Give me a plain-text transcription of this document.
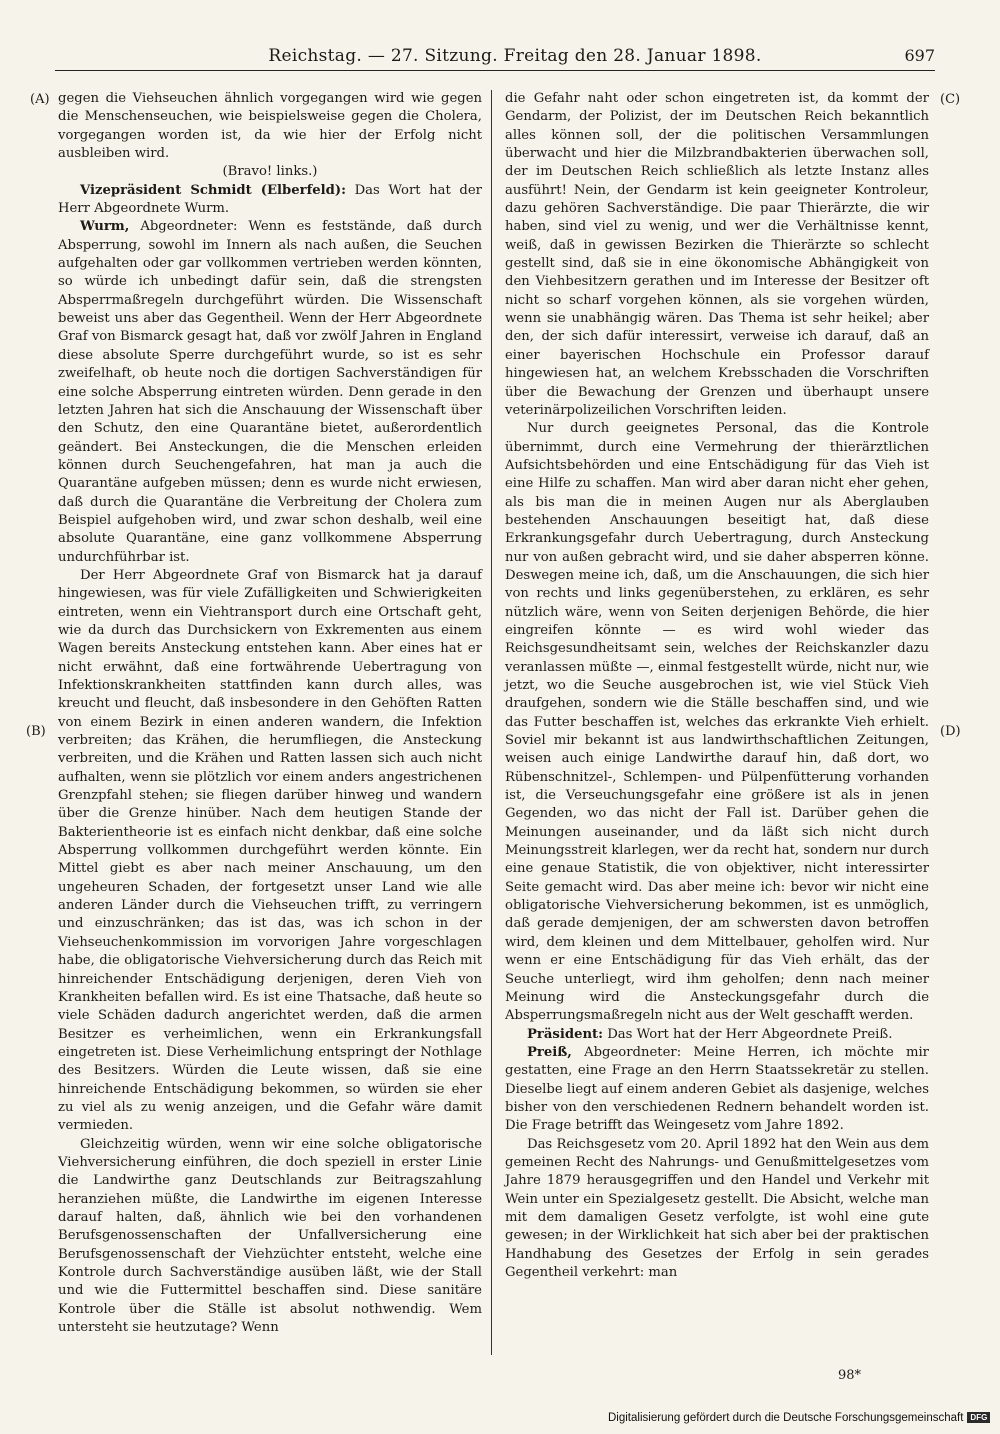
Reichstag. — 27. Sitzung. Freitag den 28. Januar 1898.	697
(A)
(B)
(C)
(D)

gegen die Viehseuchen ähnlich vorgegangen wird wie gegen die Menschenseuchen, wie beispielsweise gegen die Cholera, vorgegangen worden ist, da wie hier der Erfolg nicht ausbleiben wird.

(Bravo! links.)

Vizepräsident Schmidt (Elberfeld): Das Wort hat der Herr Abgeordnete Wurm.

Wurm, Abgeordneter: Wenn es feststände, daß durch Absperrung, sowohl im Innern als nach außen, die Seuchen aufgehalten oder gar vollkommen vertrieben werden könnten, so würde ich unbedingt dafür sein, daß die strengsten Absperrmaßregeln durchgeführt würden. Die Wissenschaft beweist uns aber das Gegentheil. Wenn der Herr Abgeordnete Graf von Bismarck gesagt hat, daß vor zwölf Jahren in England diese absolute Sperre durchgeführt wurde, so ist es sehr zweifelhaft, ob heute noch die dortigen Sachverständigen für eine solche Absperrung eintreten würden. Denn gerade in den letzten Jahren hat sich die Anschauung der Wissenschaft über den Schutz, den eine Quarantäne bietet, außerordentlich geändert. Bei Ansteckungen, die die Menschen erleiden können durch Seuchengefahren, hat man ja auch die Quarantäne aufgeben müssen; denn es wurde nicht erwiesen, daß durch die Quarantäne die Verbreitung der Cholera zum Beispiel aufgehoben wird, und zwar schon deshalb, weil eine absolute Quarantäne, eine ganz vollkommene Absperrung undurchführbar ist.

Der Herr Abgeordnete Graf von Bismarck hat ja darauf hingewiesen, was für viele Zufälligkeiten und Schwierigkeiten eintreten, wenn ein Viehtransport durch eine Ortschaft geht, wie da durch das Durchsickern von Exkrementen aus einem Wagen bereits Ansteckung entstehen kann. Aber eines hat er nicht erwähnt, daß eine fortwährende Uebertragung von Infektionskrankheiten stattfinden kann durch alles, was kreucht und fleucht, daß insbesondere in den Gehöften Ratten von einem Bezirk in einen anderen wandern, die Infektion verbreiten; das Krähen, die herumfliegen, die Ansteckung verbreiten, und die Krähen und Ratten lassen sich auch nicht aufhalten, wenn sie plötzlich vor einem anders angestrichenen Grenzpfahl stehen; sie fliegen darüber hinweg und wandern über die Grenze hinüber. Nach dem heutigen Stande der Bakterientheorie ist es einfach nicht denkbar, daß eine solche Absperrung vollkommen durchgeführt werden könnte. Ein Mittel giebt es aber nach meiner Anschauung, um den ungeheuren Schaden, der fortgesetzt unser Land wie alle anderen Länder durch die Viehseuchen trifft, zu verringern und einzuschränken; das ist das, was ich schon in der Viehseuchenkommission im vorvorigen Jahre vorgeschlagen habe, die obligatorische Viehversicherung durch das Reich mit hinreichender Entschädigung derjenigen, deren Vieh von Krankheiten befallen wird. Es ist eine Thatsache, daß heute so viele Schäden dadurch angerichtet werden, daß die armen Besitzer es verheimlichen, wenn ein Erkrankungsfall eingetreten ist. Diese Verheimlichung entspringt der Nothlage des Besitzers. Würden die Leute wissen, daß sie eine hinreichende Entschädigung bekommen, so würden sie eher zu viel als zu wenig anzeigen, und die Gefahr wäre damit vermieden.

Gleichzeitig würden, wenn wir eine solche obligatorische Viehversicherung einführen, die doch speziell in erster Linie die Landwirthe ganz Deutschlands zur Beitragszahlung heranziehen müßte, die Landwirthe im eigenen Interesse darauf halten, daß, ähnlich wie bei den vorhandenen Berufsgenossenschaften der Unfallversicherung eine Berufsgenossenschaft der Viehzüchter entsteht, welche eine Kontrole durch Sachverständige ausüben läßt, wie der Stall und wie die Futtermittel beschaffen sind. Diese sanitäre Kontrole über die Ställe ist absolut nothwendig. Wem untersteht sie heutzutage? Wenn

die Gefahr naht oder schon eingetreten ist, da kommt der Gendarm, der Polizist, der im Deutschen Reich bekanntlich alles können soll, der die politischen Versammlungen überwacht und hier die Milzbrandbakterien überwachen soll, der im Deutschen Reich schließlich als letzte Instanz alles ausführt! Nein, der Gendarm ist kein geeigneter Kontroleur, dazu gehören Sachverständige. Die paar Thierärzte, die wir haben, sind viel zu wenig, und wer die Verhältnisse kennt, weiß, daß in gewissen Bezirken die Thierärzte so schlecht gestellt sind, daß sie in eine ökonomische Abhängigkeit von den Viehbesitzern gerathen und im Interesse der Besitzer oft nicht so scharf vorgehen können, als sie vorgehen würden, wenn sie unabhängig wären. Das Thema ist sehr heikel; aber den, der sich dafür interessirt, verweise ich darauf, daß an einer bayerischen Hochschule ein Professor darauf hingewiesen hat, an welchem Krebsschaden die Vorschriften über die Bewachung der Grenzen und überhaupt unsere veterinärpolizeilichen Vorschriften leiden.

Nur durch geeignetes Personal, das die Kontrole übernimmt, durch eine Vermehrung der thierärztlichen Aufsichtsbehörden und eine Entschädigung für das Vieh ist eine Hilfe zu schaffen. Man wird aber daran nicht eher gehen, als bis man die in meinen Augen nur als Aberglauben bestehenden Anschauungen beseitigt hat, daß diese Erkrankungsgefahr durch Uebertragung, durch Ansteckung nur von außen gebracht wird, und sie daher absperren könne. Deswegen meine ich, daß, um die Anschauungen, die sich hier von rechts und links gegenüberstehen, zu erklären, es sehr nützlich wäre, wenn von Seiten derjenigen Behörde, die hier eingreifen könnte — es wird wohl wieder das Reichsgesundheitsamt sein, welches der Reichskanzler dazu veranlassen müßte —, einmal festgestellt würde, nicht nur, wie jetzt, wo die Seuche ausgebrochen ist, wie viel Stück Vieh draufgehen, sondern wie die Ställe beschaffen sind, und wie das Futter beschaffen ist, welches das erkrankte Vieh erhielt. Soviel mir bekannt ist aus landwirthschaftlichen Zeitungen, weisen auch einige Landwirthe darauf hin, daß dort, wo Rübenschnitzel-, Schlempen- und Pülpenfütterung vorhanden ist, die Verseuchungsgefahr eine größere ist als in jenen Gegenden, wo das nicht der Fall ist. Darüber gehen die Meinungen auseinander, und da läßt sich nicht durch Meinungsstreit klarlegen, wer da recht hat, sondern nur durch eine genaue Statistik, die von objektiver, nicht interessirter Seite gemacht wird. Das aber meine ich: bevor wir nicht eine obligatorische Viehversicherung bekommen, ist es unmöglich, daß gerade demjenigen, der am schwersten davon betroffen wird, dem kleinen und dem Mittelbauer, geholfen wird. Nur wenn er eine Entschädigung für das Vieh erhält, das der Seuche unterliegt, wird ihm geholfen; denn nach meiner Meinung wird die Ansteckungsgefahr durch die Absperrungsmaßregeln nicht aus der Welt geschafft werden.

Präsident: Das Wort hat der Herr Abgeordnete Preiß.

Preiß, Abgeordneter: Meine Herren, ich möchte mir gestatten, eine Frage an den Herrn Staatssekretär zu stellen. Dieselbe liegt auf einem anderen Gebiet als dasjenige, welches bisher von den verschiedenen Rednern behandelt worden ist. Die Frage betrifft das Weingesetz vom Jahre 1892.

Das Reichsgesetz vom 20. April 1892 hat den Wein aus dem gemeinen Recht des Nahrungs- und Genußmittelgesetzes vom Jahre 1879 herausgegriffen und den Handel und Verkehr mit Wein unter ein Spezialgesetz gestellt. Die Absicht, welche man mit dem damaligen Gesetz verfolgte, ist wohl eine gute gewesen; in der Wirklichkeit hat sich aber bei der praktischen Handhabung des Gesetzes der Erfolg in sein gerades Gegentheil verkehrt: man

98*
Digitalisierung gefördert durch die Deutsche Forschungsgemeinschaft DFG
